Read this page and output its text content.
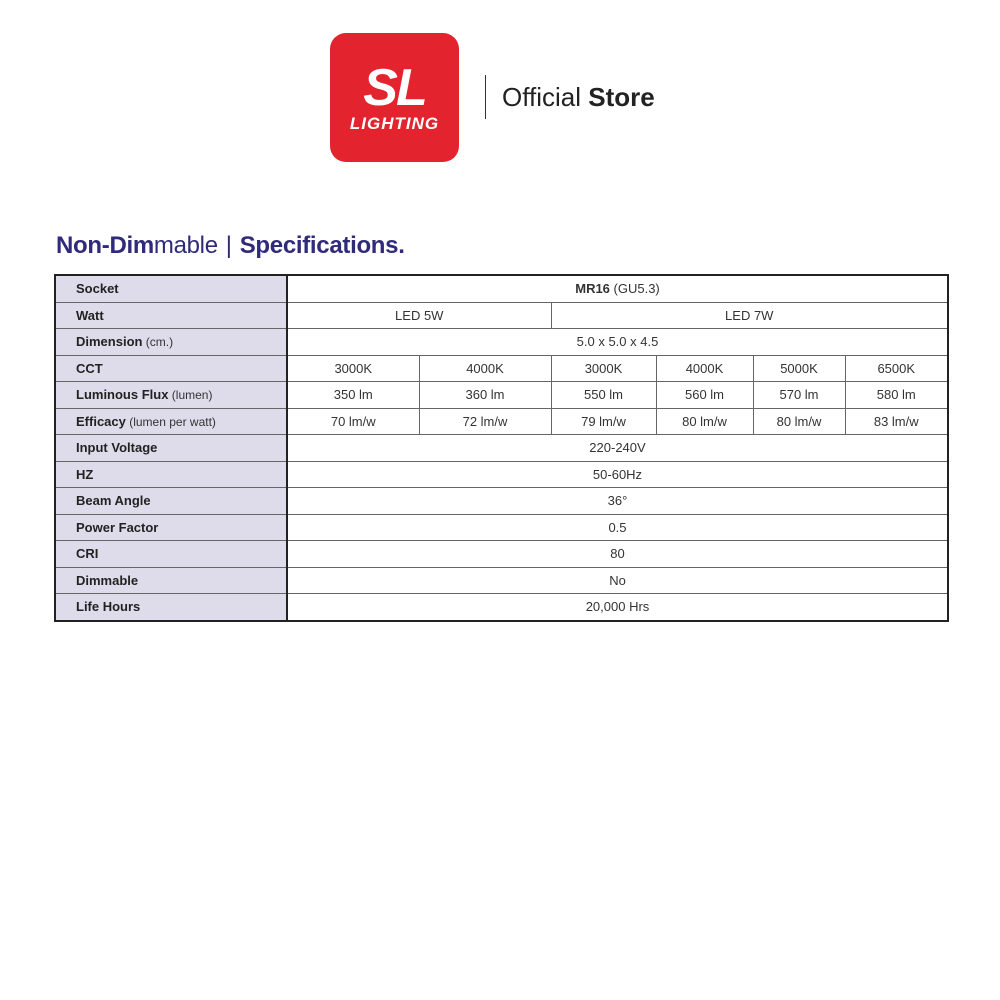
SL
LIGHTING
Official Store
Non-Dimmable | Specifications.
Socket	MR16 (GU5.3)					
Watt	LED 5W		LED 7W			
Dimension (cm.)	5.0 x 5.0 x 4.5					
CCT	3000K	4000K	3000K	4000K	5000K	6500K
Luminous Flux (lumen)	350 lm	360 lm	550 lm	560 lm	570 lm	580 lm
Efficacy (lumen per watt)	70 lm/w	72 lm/w	79 lm/w	80 lm/w	80 lm/w	83 lm/w
Input Voltage	220-240V					
HZ	50-60Hz					
Beam Angle	36°					
Power Factor	0.5					
CRI	80					
Dimmable	No					
Life Hours	20,000 Hrs					
